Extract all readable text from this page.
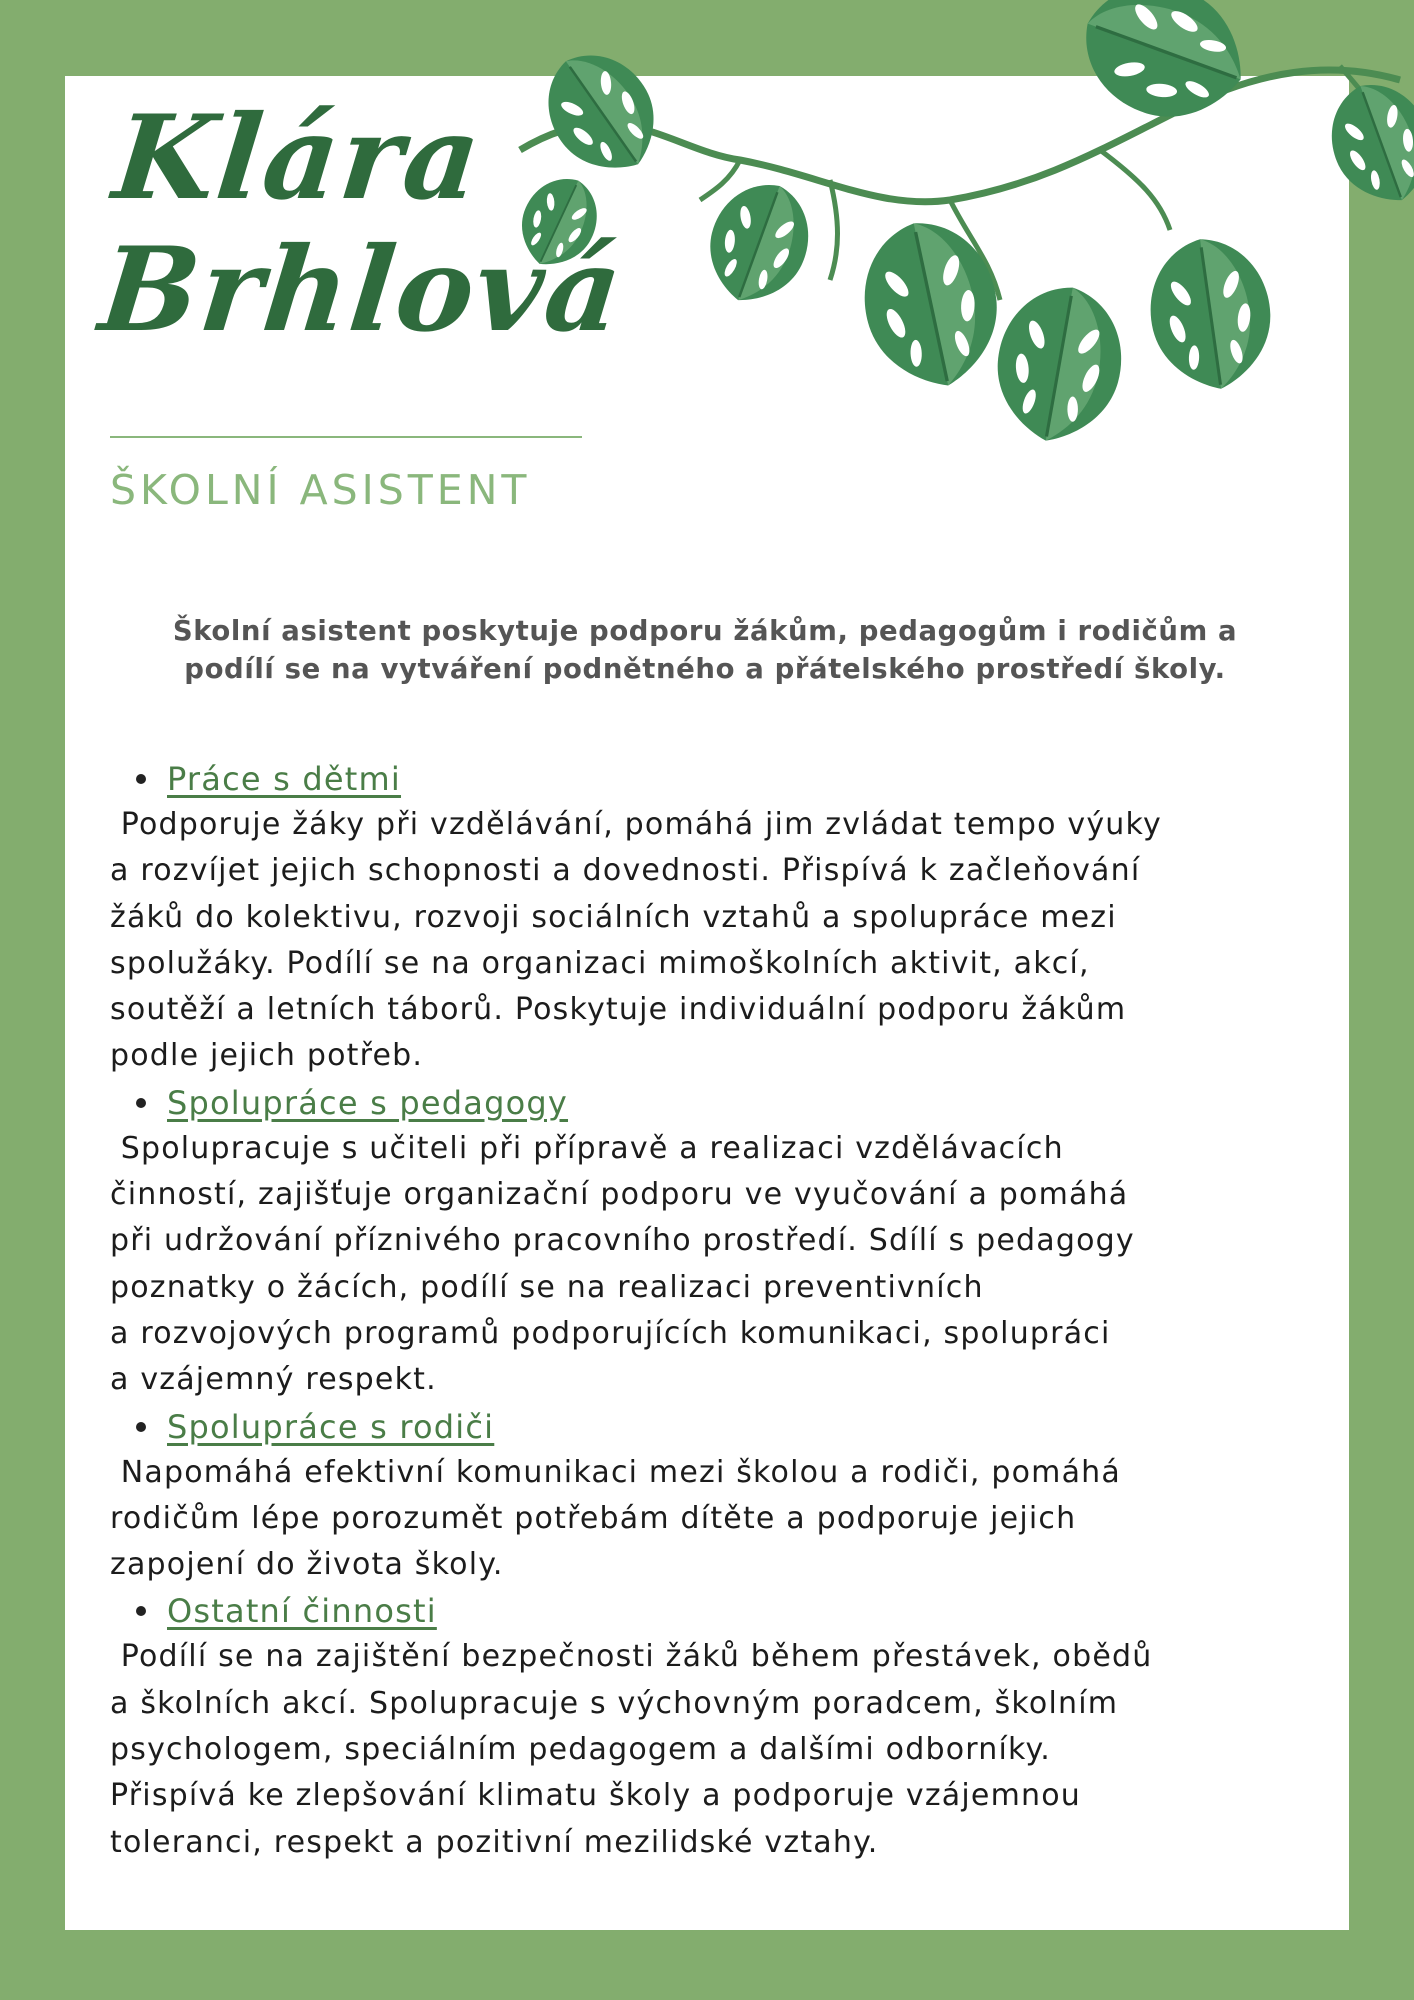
Klára
Brhlová
ŠKOLNÍ ASISTENT

Školní asistent poskytuje podporu žákům, pedagogům i rodičům a
podílí se na vytváření podnětného a přátelského prostředí školy.

Práce s dětmi

Podporuje žáky při vzdělávání, pomáhá jim zvládat tempo výuky
a rozvíjet jejich schopnosti a dovednosti. Přispívá k začleňování
žáků do kolektivu, rozvoji sociálních vztahů a spolupráce mezi
spolužáky. Podílí se na organizaci mimoškolních aktivit, akcí,
soutěží a letních táborů. Poskytuje individuální podporu žákům
podle jejich potřeb.

Spolupráce s pedagogy

Spolupracuje s učiteli při přípravě a realizaci vzdělávacích
činností, zajišťuje organizační podporu ve vyučování a pomáhá
při udržování příznivého pracovního prostředí. Sdílí s pedagogy
poznatky o žácích, podílí se na realizaci preventivních
a rozvojových programů podporujících komunikaci, spolupráci
a vzájemný respekt.

Spolupráce s rodiči

Napomáhá efektivní komunikaci mezi školou a rodiči, pomáhá
rodičům lépe porozumět potřebám dítěte a podporuje jejich
zapojení do života školy.

Ostatní činnosti

Podílí se na zajištění bezpečnosti žáků během přestávek, obědů
a školních akcí. Spolupracuje s výchovným poradcem, školním
psychologem, speciálním pedagogem a dalšími odborníky.
Přispívá ke zlepšování klimatu školy a podporuje vzájemnou
toleranci, respekt a pozitivní mezilidské vztahy.
